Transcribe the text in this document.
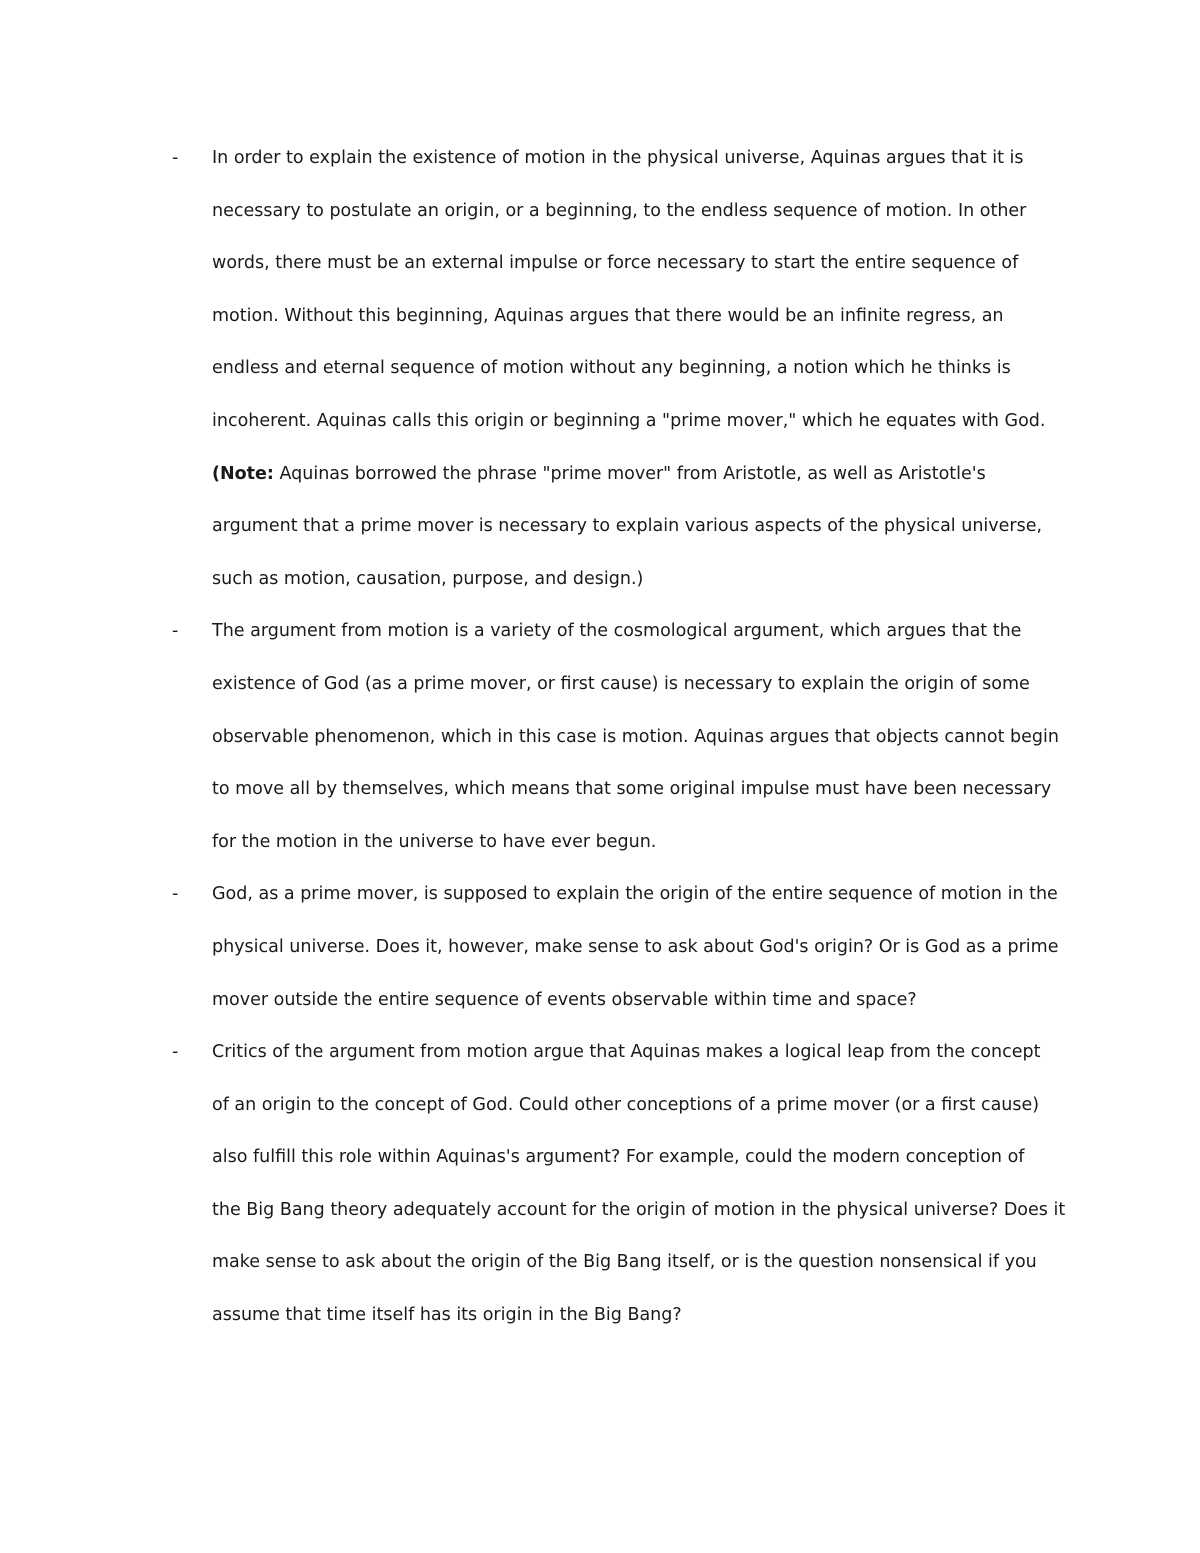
- In order to explain the existence of motion in the physical universe, Aquinas argues that it is
necessary to postulate an origin, or a beginning, to the endless sequence of motion. In other
words, there must be an external impulse or force necessary to start the entire sequence of
motion. Without this beginning, Aquinas argues that there would be an infinite regress, an
endless and eternal sequence of motion without any beginning, a notion which he thinks is
incoherent. Aquinas calls this origin or beginning a "prime mover," which he equates with God.
(Note: Aquinas borrowed the phrase "prime mover" from Aristotle, as well as Aristotle's
argument that a prime mover is necessary to explain various aspects of the physical universe,
such as motion, causation, purpose, and design.)
- The argument from motion is a variety of the cosmological argument, which argues that the
existence of God (as a prime mover, or first cause) is necessary to explain the origin of some
observable phenomenon, which in this case is motion. Aquinas argues that objects cannot begin
to move all by themselves, which means that some original impulse must have been necessary
for the motion in the universe to have ever begun.
- God, as a prime mover, is supposed to explain the origin of the entire sequence of motion in the
physical universe. Does it, however, make sense to ask about God's origin? Or is God as a prime
mover outside the entire sequence of events observable within time and space?
- Critics of the argument from motion argue that Aquinas makes a logical leap from the concept
of an origin to the concept of God. Could other conceptions of a prime mover (or a first cause)
also fulfill this role within Aquinas's argument? For example, could the modern conception of
the Big Bang theory adequately account for the origin of motion in the physical universe? Does it
make sense to ask about the origin of the Big Bang itself, or is the question nonsensical if you
assume that time itself has its origin in the Big Bang?
